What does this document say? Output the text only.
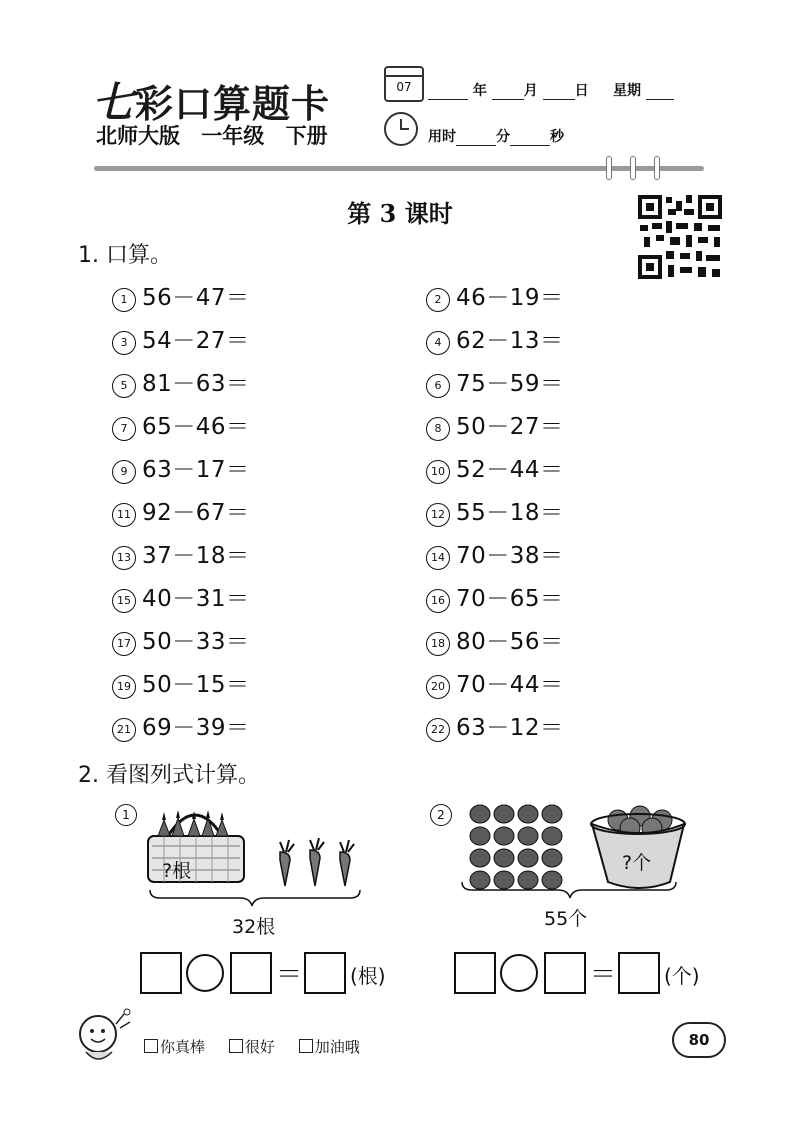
七彩口算题卡
北师大版 一年级 下册
07	年	月	日 星期
用时	分	秒
第 3 课时
1. 口算。
1 56－47＝	2 46－19＝
3 54－27＝	4 62－13＝
5 81－63＝	6 75－59＝
7 65－46＝	8 50－27＝
9 63－17＝	10 52－44＝
11 92－67＝	12 55－18＝
13 37－18＝	14 70－38＝
15 40－31＝	16 70－65＝
17 50－33＝	18 80－56＝
19 50－15＝	20 70－44＝
21 69－39＝	22 63－12＝
2. 看图列式计算。
1
?根
32根
2
?个
55个
＝ (根)	＝ (个)
你真棒	很好	加油哦	80
